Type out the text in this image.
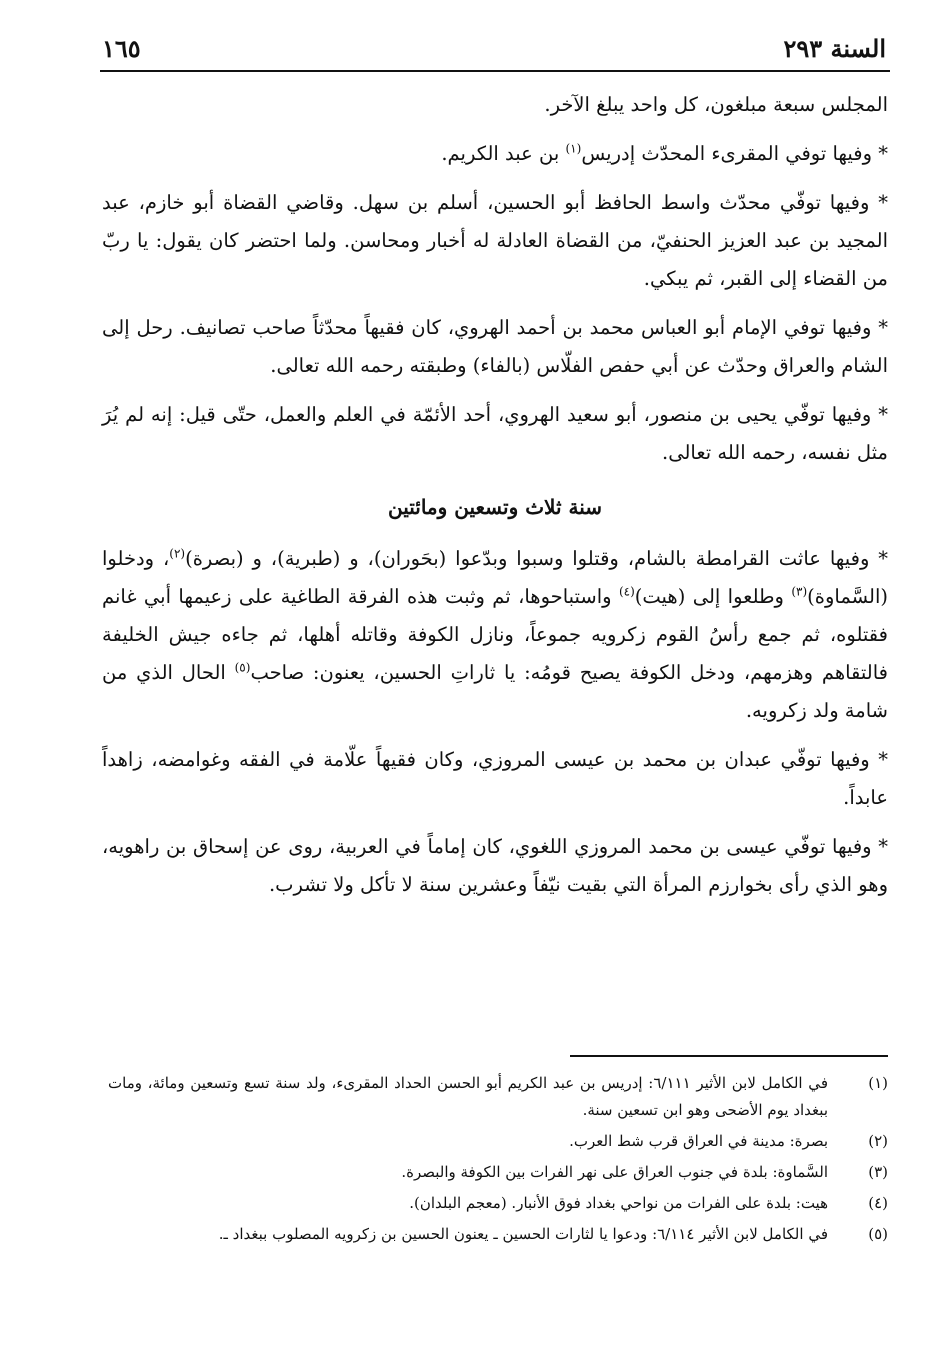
السنة ٢٩٣
١٦٥

المجلس سبعة مبلغون، كل واحد يبلغ الآخر.

* وفيها توفي المقرىء المحدّث إدريس$^{(١)}$ بن عبد الكريم.

* وفيها توفّي محدّث واسط الحافظ أبو الحسين، أسلم بن سهل. وقاضي القضاة أبو خازم، عبد المجيد بن عبد العزيز الحنفيّ، من القضاة العادلة له أخبار ومحاسن. ولما احتضر كان يقول: يا ربّ من القضاء إلى القبر، ثم يبكي.

* وفيها توفي الإمام أبو العباس محمد بن أحمد الهروي، كان فقيهاً محدّثاً صاحب تصانيف. رحل إلى الشام والعراق وحدّث عن أبي حفص الفلّاس (بالفاء) وطبقته رحمه الله تعالى.

* وفيها توفّي يحيى بن منصور، أبو سعيد الهروي، أحد الأئمّة في العلم والعمل، حتّى قيل: إنه لم يُرَ مثل نفسه، رحمه الله تعالى.

سنة ثلاث وتسعين ومائتين

* وفيها عاثت القرامطة بالشام، وقتلوا وسبوا وبدّعوا (بحَوران)، و (طبرية)، و (بصرة)$^{(٢)}$، ودخلوا (السَّماوة)$^{(٣)}$ وطلعوا إلى (هيت)$^{(٤)}$ واستباحوها، ثم وثبت هذه الفرقة الطاغية على زعيمها أبي غانم فقتلوه، ثم جمع رأسُ القوم زكرويه جموعاً، ونازل الكوفة وقاتله أهلها، ثم جاءه جيش الخليفة فالتقاهم وهزمهم، ودخل الكوفة يصيح قومُه: يا ثاراتِ الحسين، يعنون: صاحب$^{(٥)}$ الحال الذي من شامة ولد زكرويه.

* وفيها توفّي عبدان بن محمد بن عيسى المروزي، وكان فقيهاً علّامة في الفقه وغوامضه، زاهداً عابداً.

* وفيها توفّي عيسى بن محمد المروزي اللغوي، كان إماماً في العربية، روى عن إسحاق بن راهويه، وهو الذي رأى بخوارزم المرأة التي بقيت نيّفاً وعشرين سنة لا تأكل ولا تشرب.

(١)
في الكامل لابن الأثير ٦/١١١: إدريس بن عبد الكريم أبو الحسن الحداد المقرىء، ولد سنة تسع وتسعين ومائة، ومات ببغداد يوم الأضحى وهو ابن تسعين سنة.
(٢)
بصرة: مدينة في العراق قرب شط العرب.
(٣)
السَّماوة: بلدة في جنوب العراق على نهر الفرات بين الكوفة والبصرة.
(٤)
هيت: بلدة على الفرات من نواحي بغداد فوق الأنبار. (معجم البلدان).
(٥)
في الكامل لابن الأثير ٦/١١٤: ودعوا يا لثارات الحسين ـ يعنون الحسين بن زكرويه المصلوب ببغداد ـ.
